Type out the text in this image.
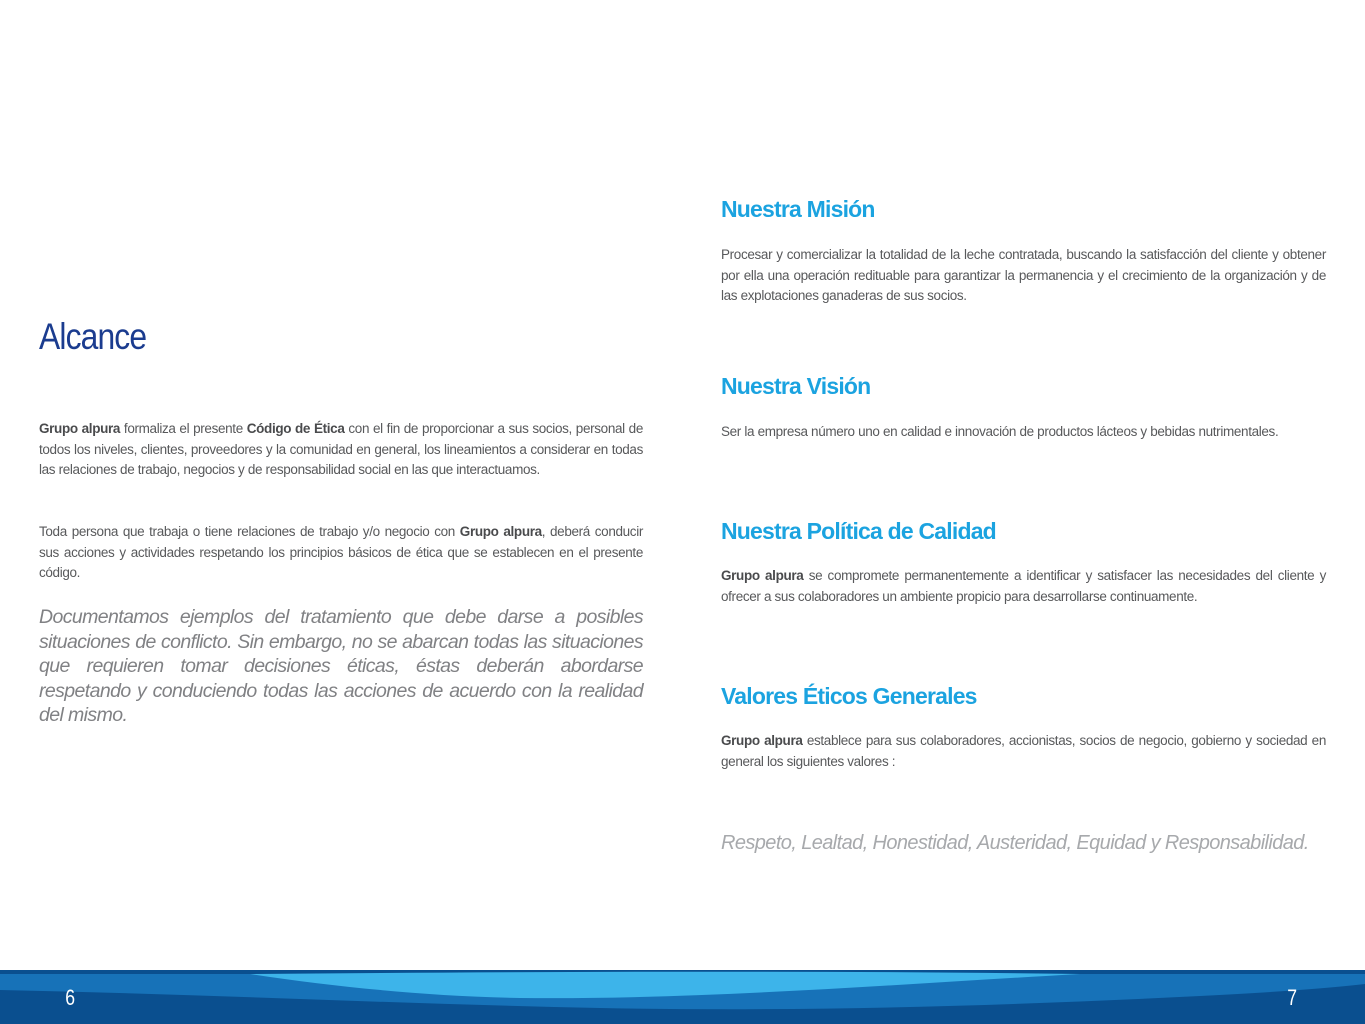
Alcance

Grupo alpura formaliza el presente Código de Ética con el fin de proporcionar a sus socios, personal de todos los niveles, clientes, proveedores y la comunidad en general, los lineamientos a considerar en todas las relaciones de trabajo, negocios y de responsabilidad social en las que interactuamos.

Toda persona que trabaja o tiene relaciones de trabajo y/o negocio con Grupo alpura, deberá conducir sus acciones y actividades respetando los principios básicos de ética que se establecen en el presente código.

Documentamos ejemplos del tratamiento que debe darse a posibles situaciones de conflicto. Sin embargo, no se abarcan todas las situaciones que requieren tomar decisiones éticas, éstas deberán abordarse respetando y conduciendo todas las acciones de acuerdo con la realidad del mismo.

Nuestra Misión

Procesar y comercializar la totalidad de la leche contratada, buscando la satisfacción del cliente y obtener por ella una operación redituable para garantizar la permanencia y el crecimiento de la organización y de las explotaciones ganaderas de sus socios.

Nuestra Visión

Ser la empresa número uno en calidad e innovación de productos lácteos y bebidas nutrimentales.

Nuestra Política de Calidad

Grupo alpura se compromete permanentemente a identificar y satisfacer las necesidades del cliente y ofrecer a sus colaboradores un ambiente propicio para desarrollarse continuamente.

Valores Éticos Generales

Grupo alpura establece para sus colaboradores, accionistas, socios de negocio, gobierno y sociedad en general los siguientes valores :

Respeto, Lealtad, Honestidad, Austeridad, Equidad y Responsabilidad.

6	7
